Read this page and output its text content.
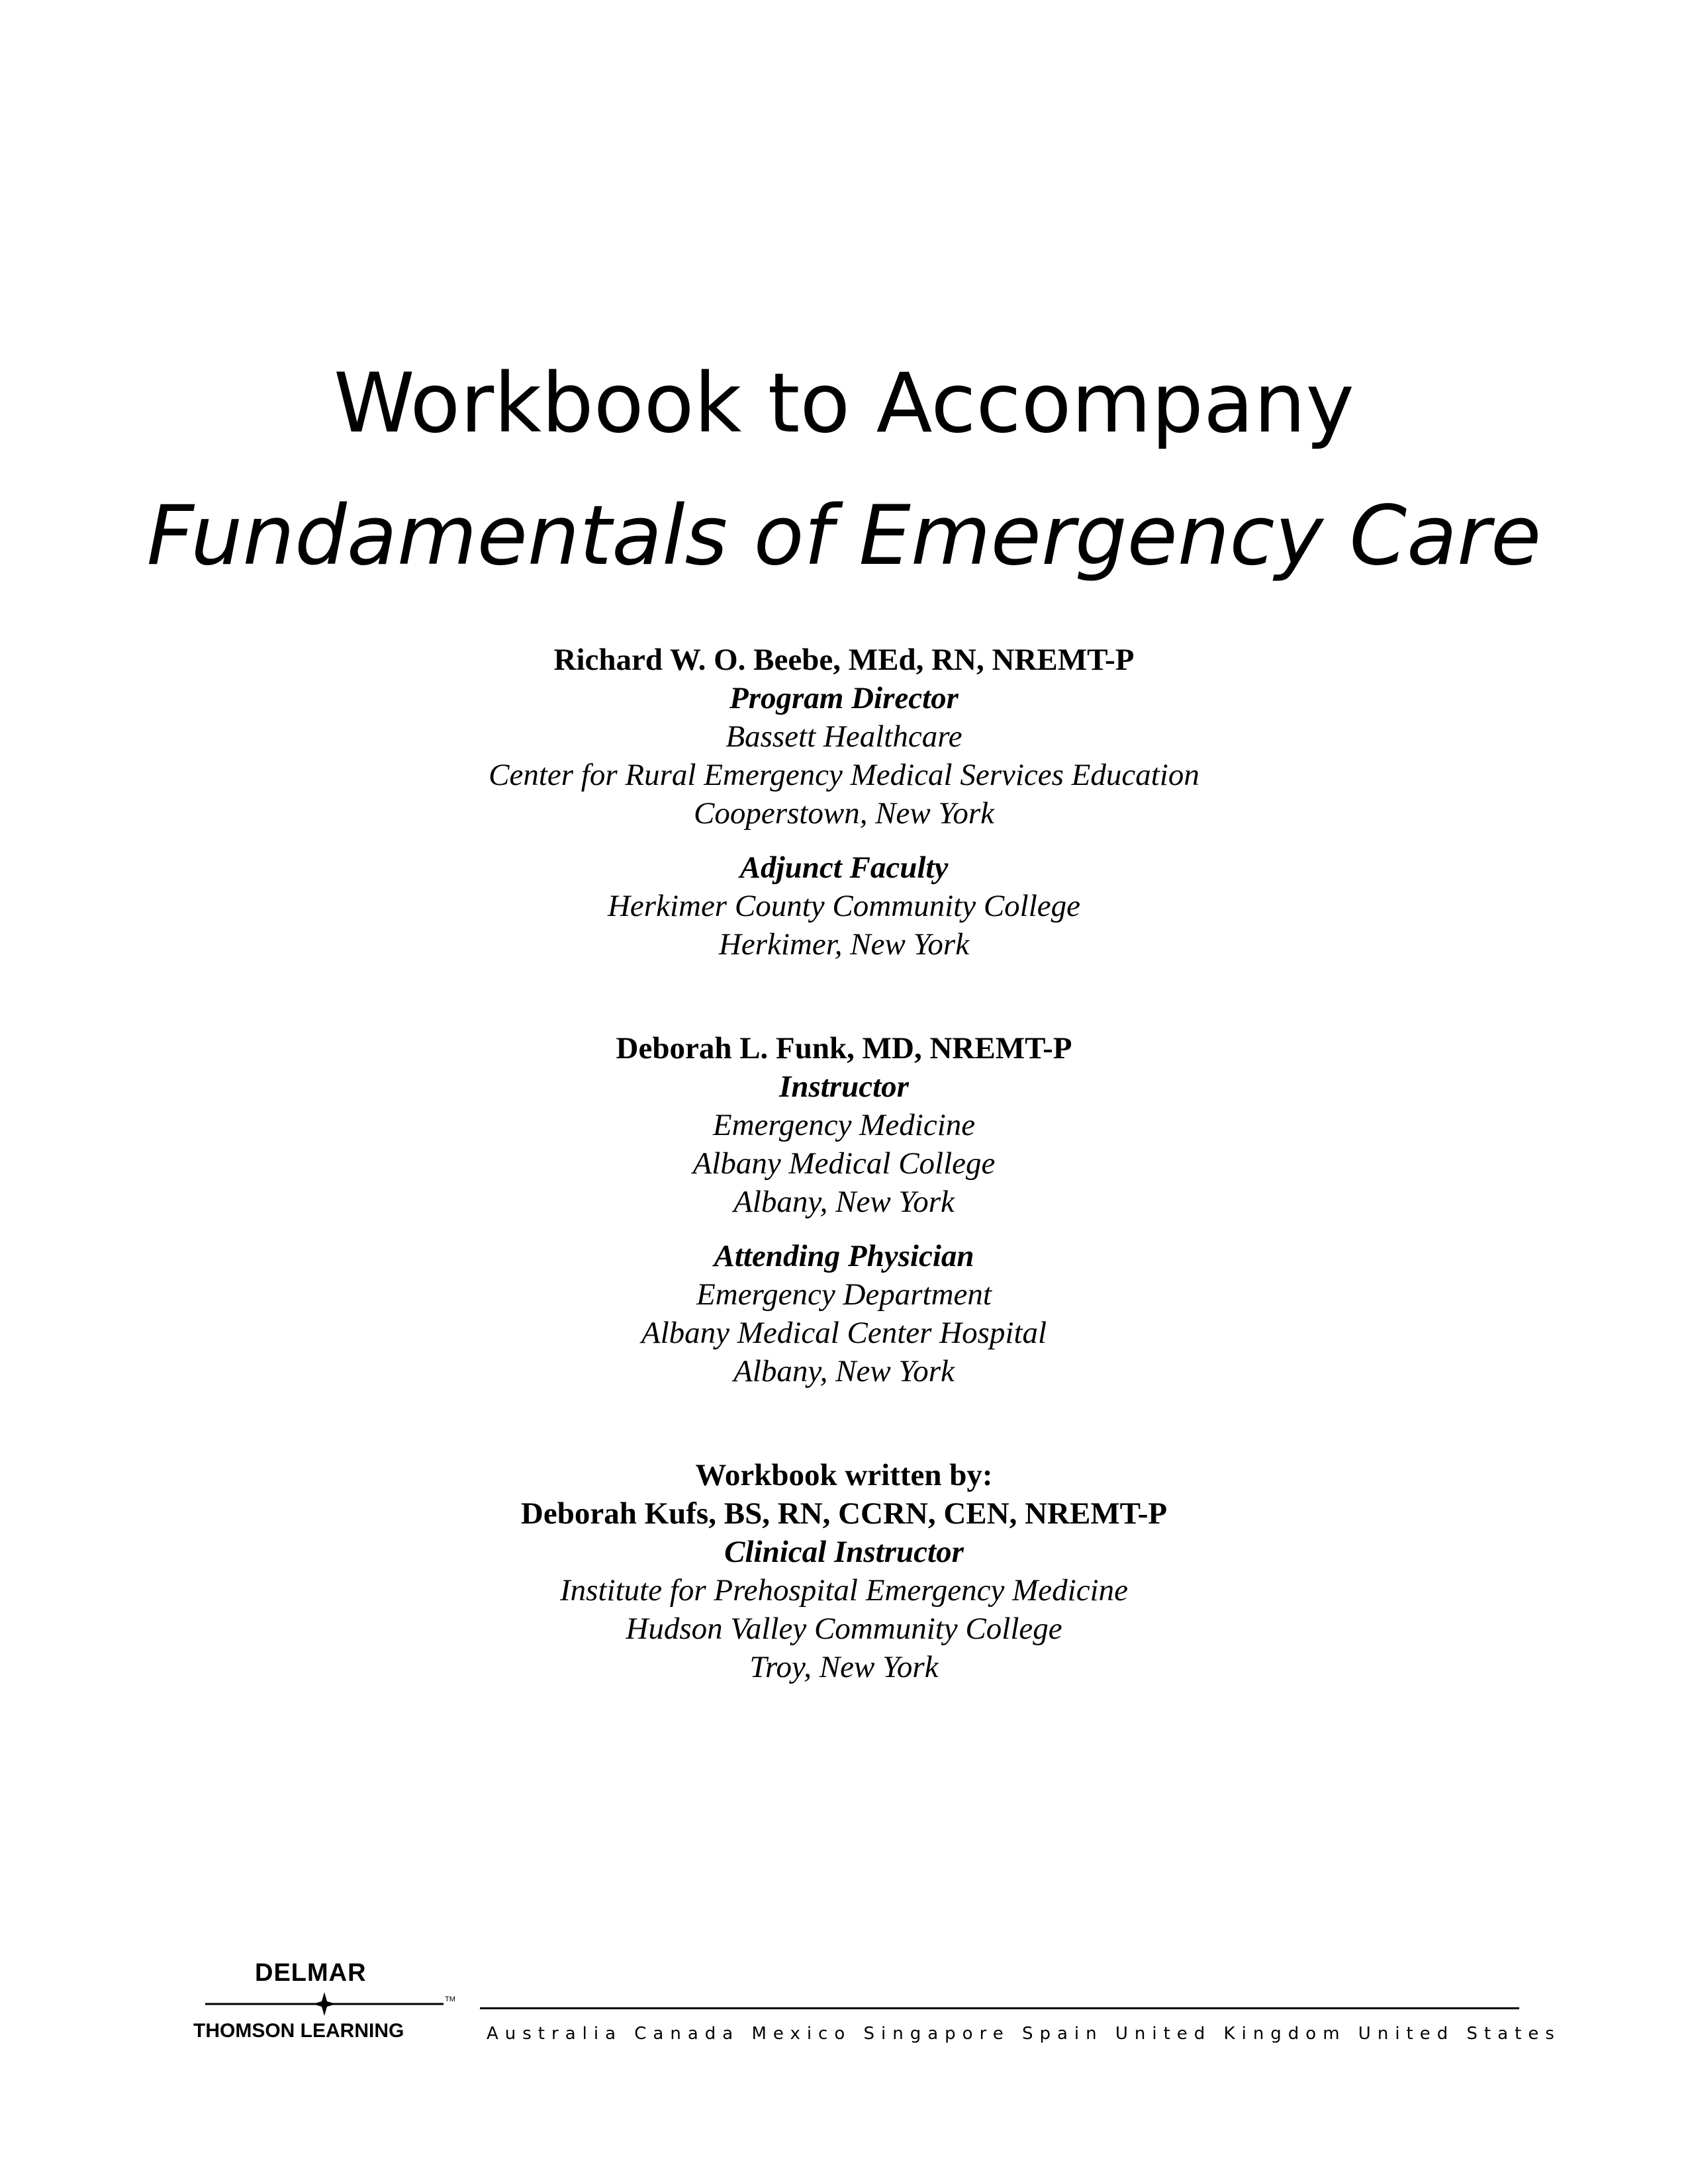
Workbook to Accompany
Fundamentals of Emergency Care
Richard W. O. Beebe, MEd, RN, NREMT-P
Program Director
Bassett Healthcare
Center for Rural Emergency Medical Services Education
Cooperstown, New York
Adjunct Faculty
Herkimer County Community College
Herkimer, New York
Deborah L. Funk, MD, NREMT-P
Instructor
Emergency Medicine
Albany Medical College
Albany, New York
Attending Physician
Emergency Department
Albany Medical Center Hospital
Albany, New York
Workbook written by:
Deborah Kufs, BS, RN, CCRN, CEN, NREMT-P
Clinical Instructor
Institute for Prehospital Emergency Medicine
Hudson Valley Community College
Troy, New York
DELMAR
TM
THOMSON LEARNING	Australia Canada Mexico Singapore Spain United Kingdom United States
